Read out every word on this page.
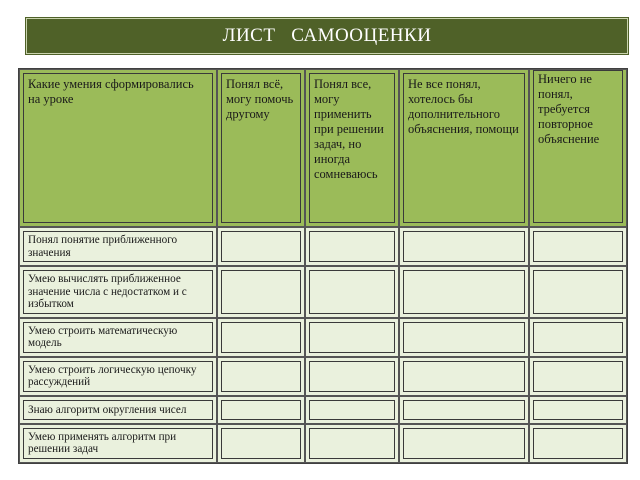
ЛИСТ   САМООЦЕНКИ
Какие умения сформировались на уроке	Понял всё, могу помочь другому	Понял все, могу применить при решении задач, но иногда сомневаюсь	Не все понял, хотелось бы дополнительного объяснения, помощи	Ничего не понял, требуется повторное объяснение

Понял понятие приближенного значения				

Умею вычислять приближенное значение числа с недостатком и с избытком				

Умею строить математическую модель				

Умею строить логическую цепочку рассуждений				

Знаю алгоритм округления чисел				

Умею применять алгоритм при решении задач				
